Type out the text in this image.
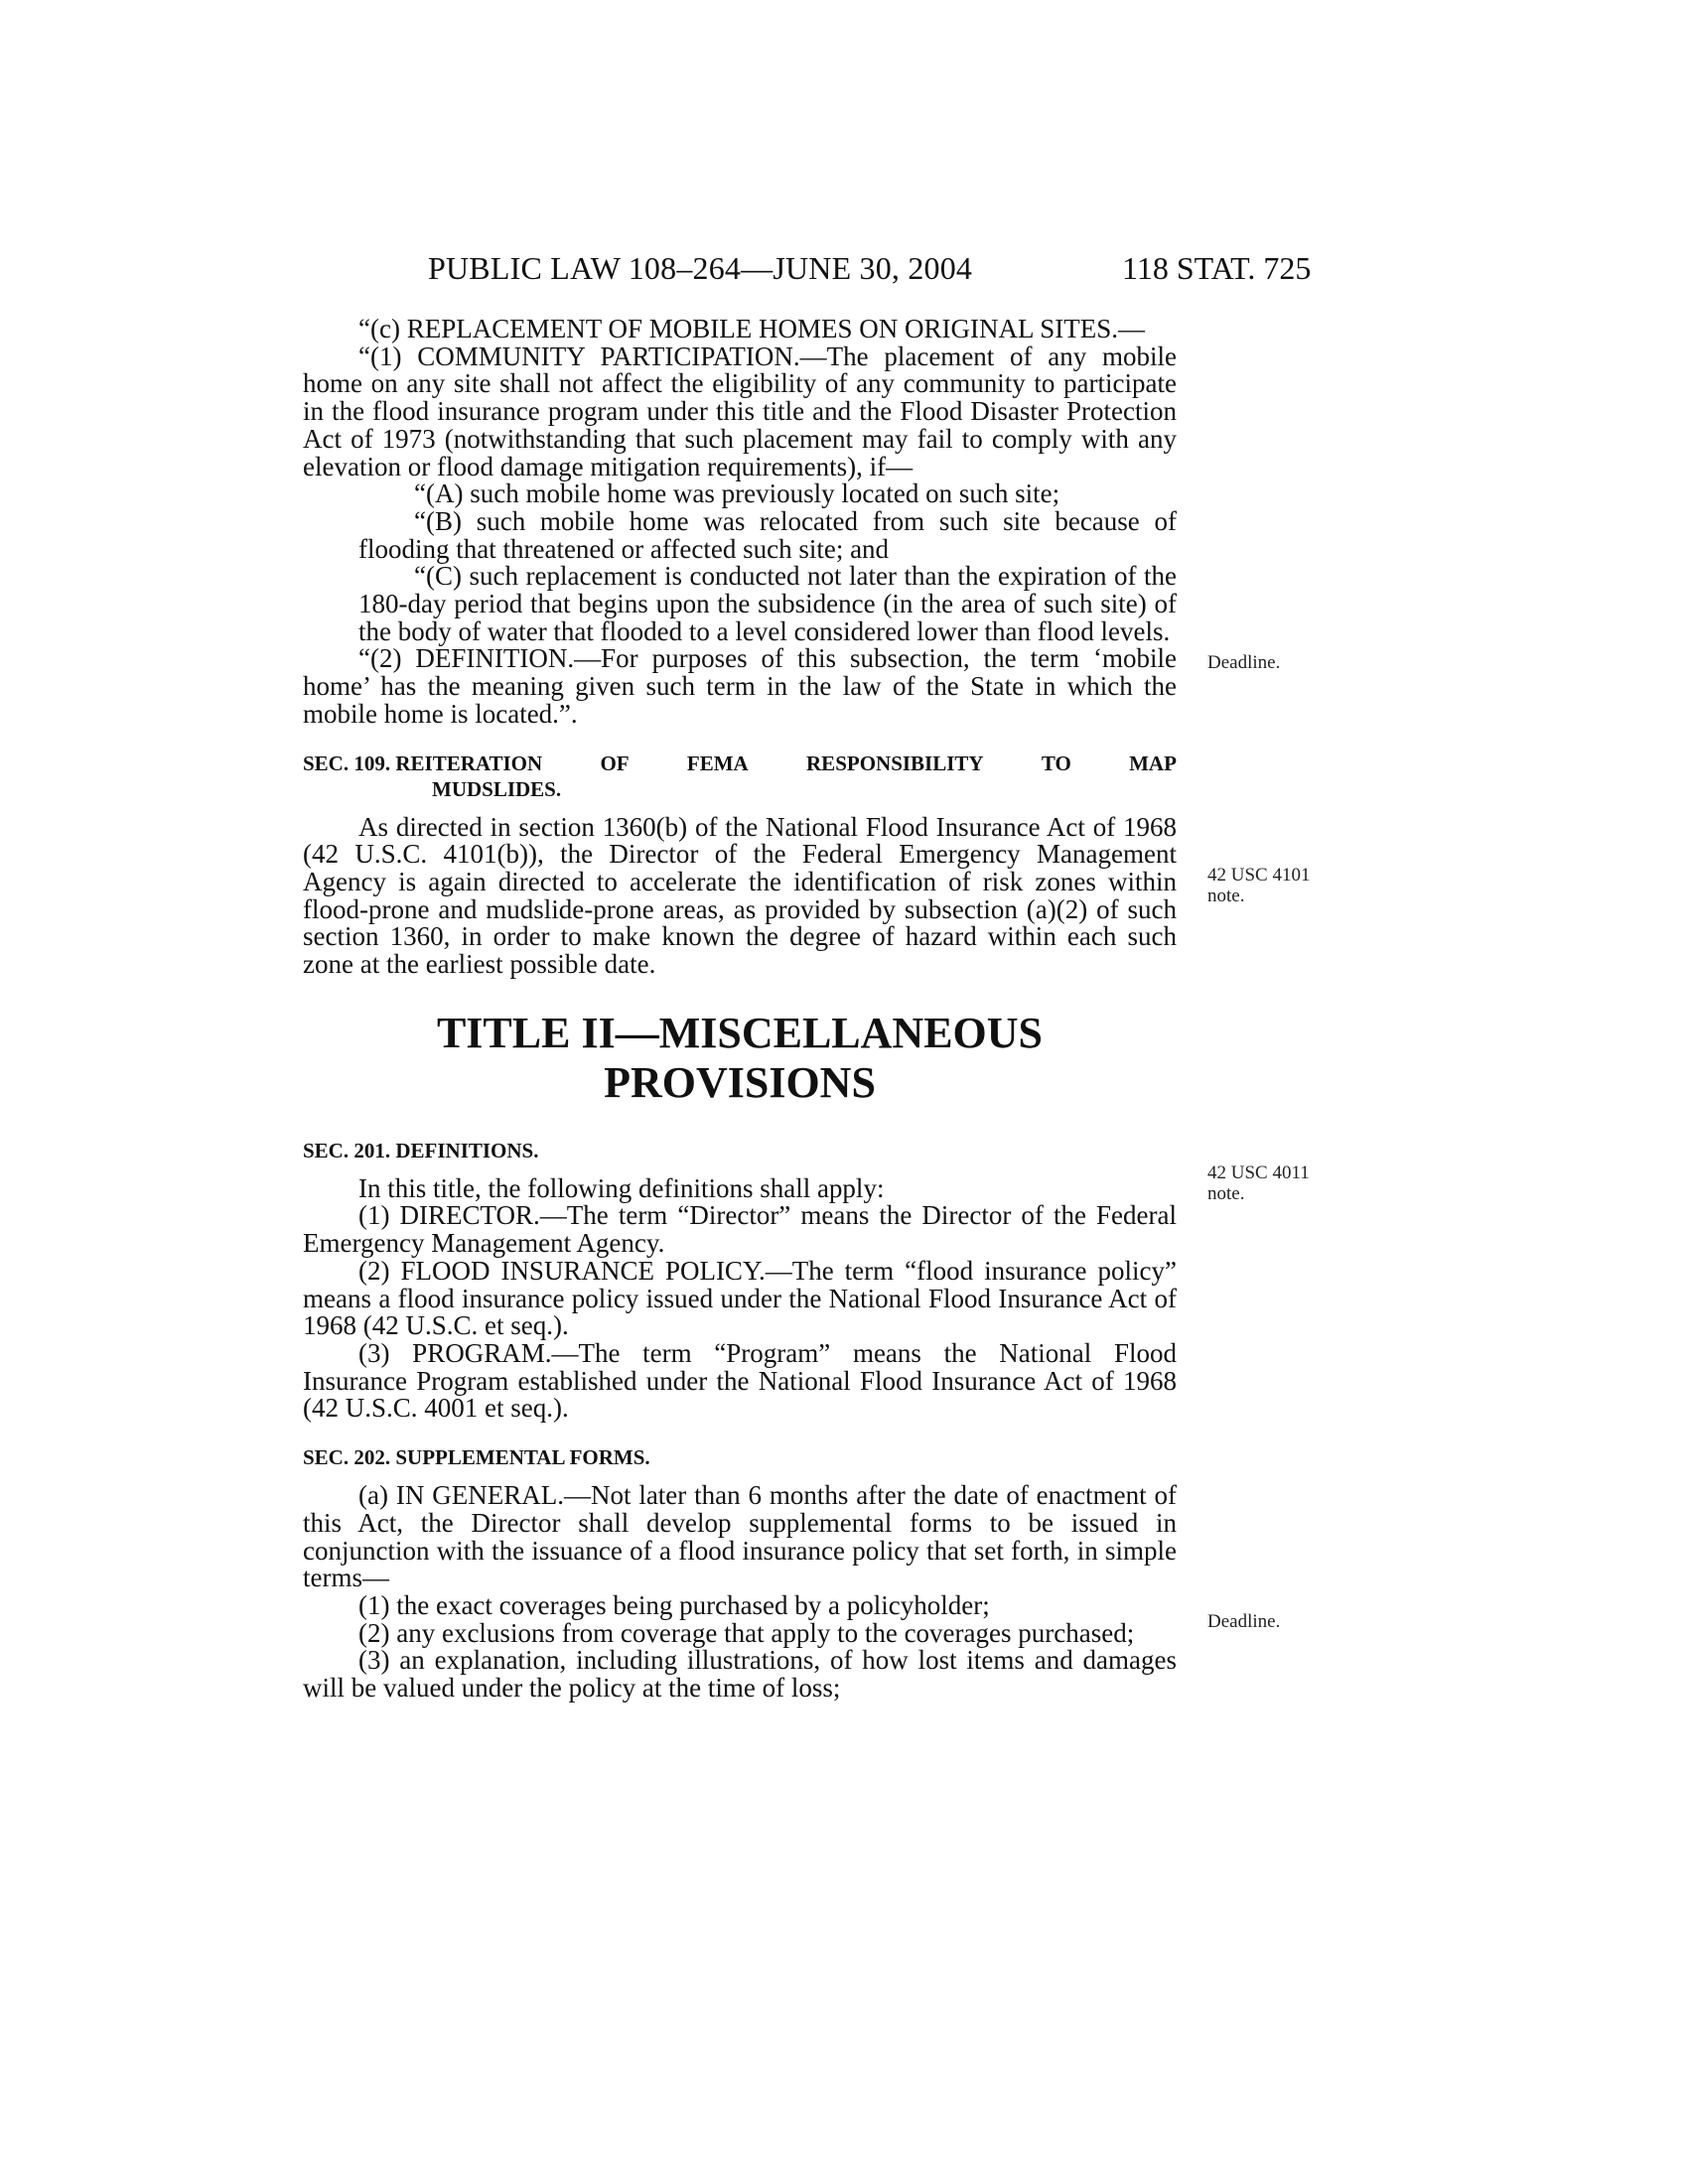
PUBLIC LAW 108–264—JUNE 30, 2004	118 STAT. 725

“(c) REPLACEMENT OF MOBILE HOMES ON ORIGINAL SITES.—

“(1) COMMUNITY PARTICIPATION.—The placement of any mobile home on any site shall not affect the eligibility of any community to participate in the flood insurance program under this title and the Flood Disaster Protection Act of 1973 (notwithstanding that such placement may fail to comply with any elevation or flood damage mitigation requirements), if—

“(A) such mobile home was previously located on such site;

“(B) such mobile home was relocated from such site because of flooding that threatened or affected such site; and

“(C) such replacement is conducted not later than the expiration of the 180-day period that begins upon the subsidence (in the area of such site) of the body of water that flooded to a level considered lower than flood levels.

“(2) DEFINITION.—For purposes of this subsection, the term ‘mobile home’ has the meaning given such term in the law of the State in which the mobile home is located.”.

SEC. 109. REITERATION	OF	FEMA	RESPONSIBILITY	TO	MAP
MUDSLIDES.

As directed in section 1360(b) of the National Flood Insurance Act of 1968 (42 U.S.C. 4101(b)), the Director of the Federal Emergency Management Agency is again directed to accelerate the identification of risk zones within flood-prone and mudslide-prone areas, as provided by subsection (a)(2) of such section 1360, in order to make known the degree of hazard within each such zone at the earliest possible date.

TITLE II—MISCELLANEOUS

PROVISIONS

SEC. 201. DEFINITIONS.

In this title, the following definitions shall apply:

(1) DIRECTOR.—The term “Director” means the Director of the Federal Emergency Management Agency.

(2) FLOOD INSURANCE POLICY.—The term “flood insurance policy” means a flood insurance policy issued under the National Flood Insurance Act of 1968 (42 U.S.C. et seq.).

(3) PROGRAM.—The term “Program” means the National Flood Insurance Program established under the National Flood Insurance Act of 1968 (42 U.S.C. 4001 et seq.).

SEC. 202. SUPPLEMENTAL FORMS.

(a) IN GENERAL.—Not later than 6 months after the date of enactment of this Act, the Director shall develop supplemental forms to be issued in conjunction with the issuance of a flood insurance policy that set forth, in simple terms—

(1) the exact coverages being purchased by a policyholder;

(2) any exclusions from coverage that apply to the coverages purchased;

(3) an explanation, including illustrations, of how lost items and damages will be valued under the policy at the time of loss;

Deadline.
42 USC 4101
note.
42 USC 4011
note.
Deadline.
